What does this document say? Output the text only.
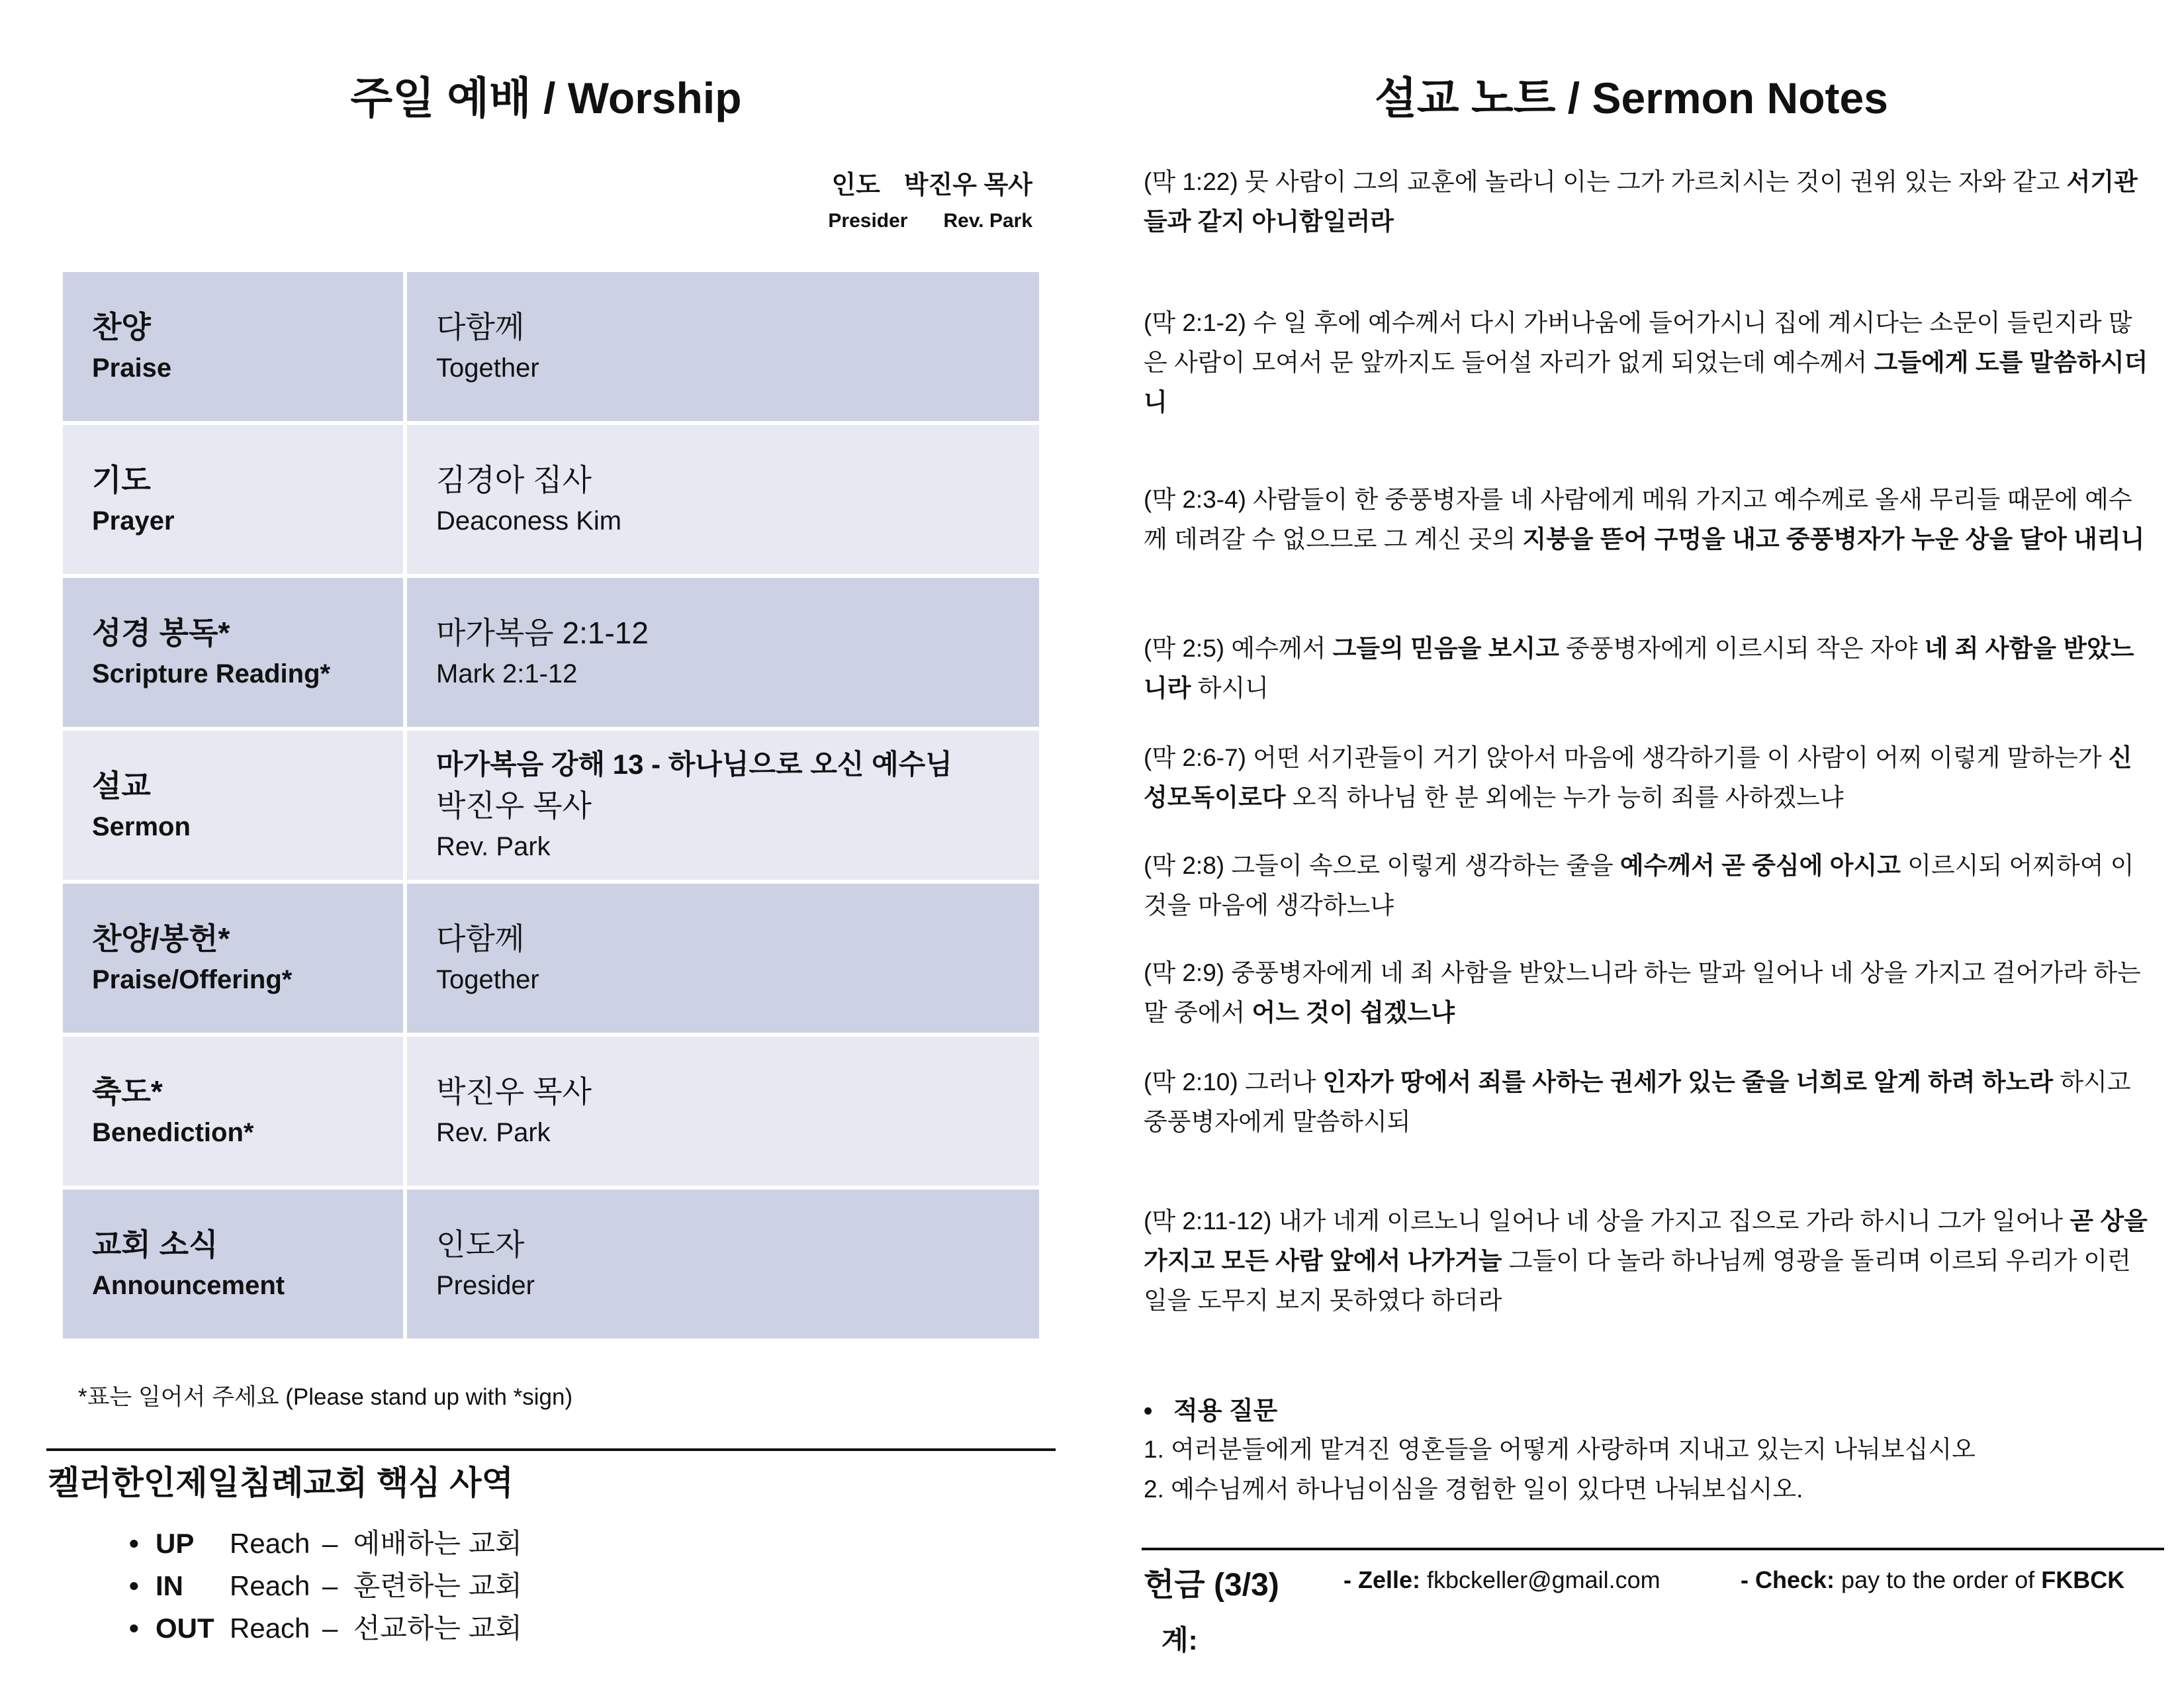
주일 예배 / Worship
인도 박진우 목사
Presider Rev. Park
찬양
Praise	다함께
Together

기도
Prayer	김경아 집사
Deaconess Kim

성경 봉독*
Scripture Reading*	마가복음 2:1-12
Mark 2:1-12

설교
Sermon	마가복음 강해 13 - 하나님으로 오신 예수님
박진우 목사
Rev. Park

찬양/봉헌*
Praise/Offering*	다함께
Together

축도*
Benediction*	박진우 목사
Rev. Park

교회 소식
Announcement	인도자
Presider
*표는 일어서 주세요 (Please stand up with *sign)
켈러한인제일침례교회 핵심 사역
• UP Reach – 예배하는 교회
• IN Reach – 훈련하는 교회
• OUT Reach – 선교하는 교회
설교 노트 / Sermon Notes
(막 1:22) 뭇 사람이 그의 교훈에 놀라니 이는 그가 가르치시는 것이 권위 있는 자와 같고 서기관들과 같지 아니함일러라
(막 2:1-2) 수 일 후에 예수께서 다시 가버나움에 들어가시니 집에 계시다는 소문이 들린지라 많은 사람이 모여서 문 앞까지도 들어설 자리가 없게 되었는데 예수께서 그들에게 도를 말씀하시더니
(막 2:3-4) 사람들이 한 중풍병자를 네 사람에게 메워 가지고 예수께로 올새 무리들 때문에 예수께 데려갈 수 없으므로 그 계신 곳의 지붕을 뜯어 구멍을 내고 중풍병자가 누운 상을 달아 내리니
(막 2:5) 예수께서 그들의 믿음을 보시고 중풍병자에게 이르시되 작은 자야 네 죄 사함을 받았느니라 하시니
(막 2:6-7) 어떤 서기관들이 거기 앉아서 마음에 생각하기를 이 사람이 어찌 이렇게 말하는가 신성모독이로다 오직 하나님 한 분 외에는 누가 능히 죄를 사하겠느냐
(막 2:8) 그들이 속으로 이렇게 생각하는 줄을 예수께서 곧 중심에 아시고 이르시되 어찌하여 이것을 마음에 생각하느냐
(막 2:9) 중풍병자에게 네 죄 사함을 받았느니라 하는 말과 일어나 네 상을 가지고 걸어가라 하는 말 중에서 어느 것이 쉽겠느냐
(막 2:10) 그러나 인자가 땅에서 죄를 사하는 권세가 있는 줄을 너희로 알게 하려 하노라 하시고 중풍병자에게 말씀하시되
(막 2:11-12) 내가 네게 이르노니 일어나 네 상을 가지고 집으로 가라 하시니 그가 일어나 곧 상을 가지고 모든 사람 앞에서 나가거늘 그들이 다 놀라 하나님께 영광을 돌리며 이르되 우리가 이런 일을 도무지 보지 못하였다 하더라
• 적용 질문
1. 여러분들에게 맡겨진 영혼들을 어떻게 사랑하며 지내고 있는지 나눠보십시오
2. 예수님께서 하나님이심을 경험한 일이 있다면 나눠보십시오.
헌금 (3/3)	- Zelle: fkbckeller@gmail.com	- Check: pay to the order of FKBCK
계:
